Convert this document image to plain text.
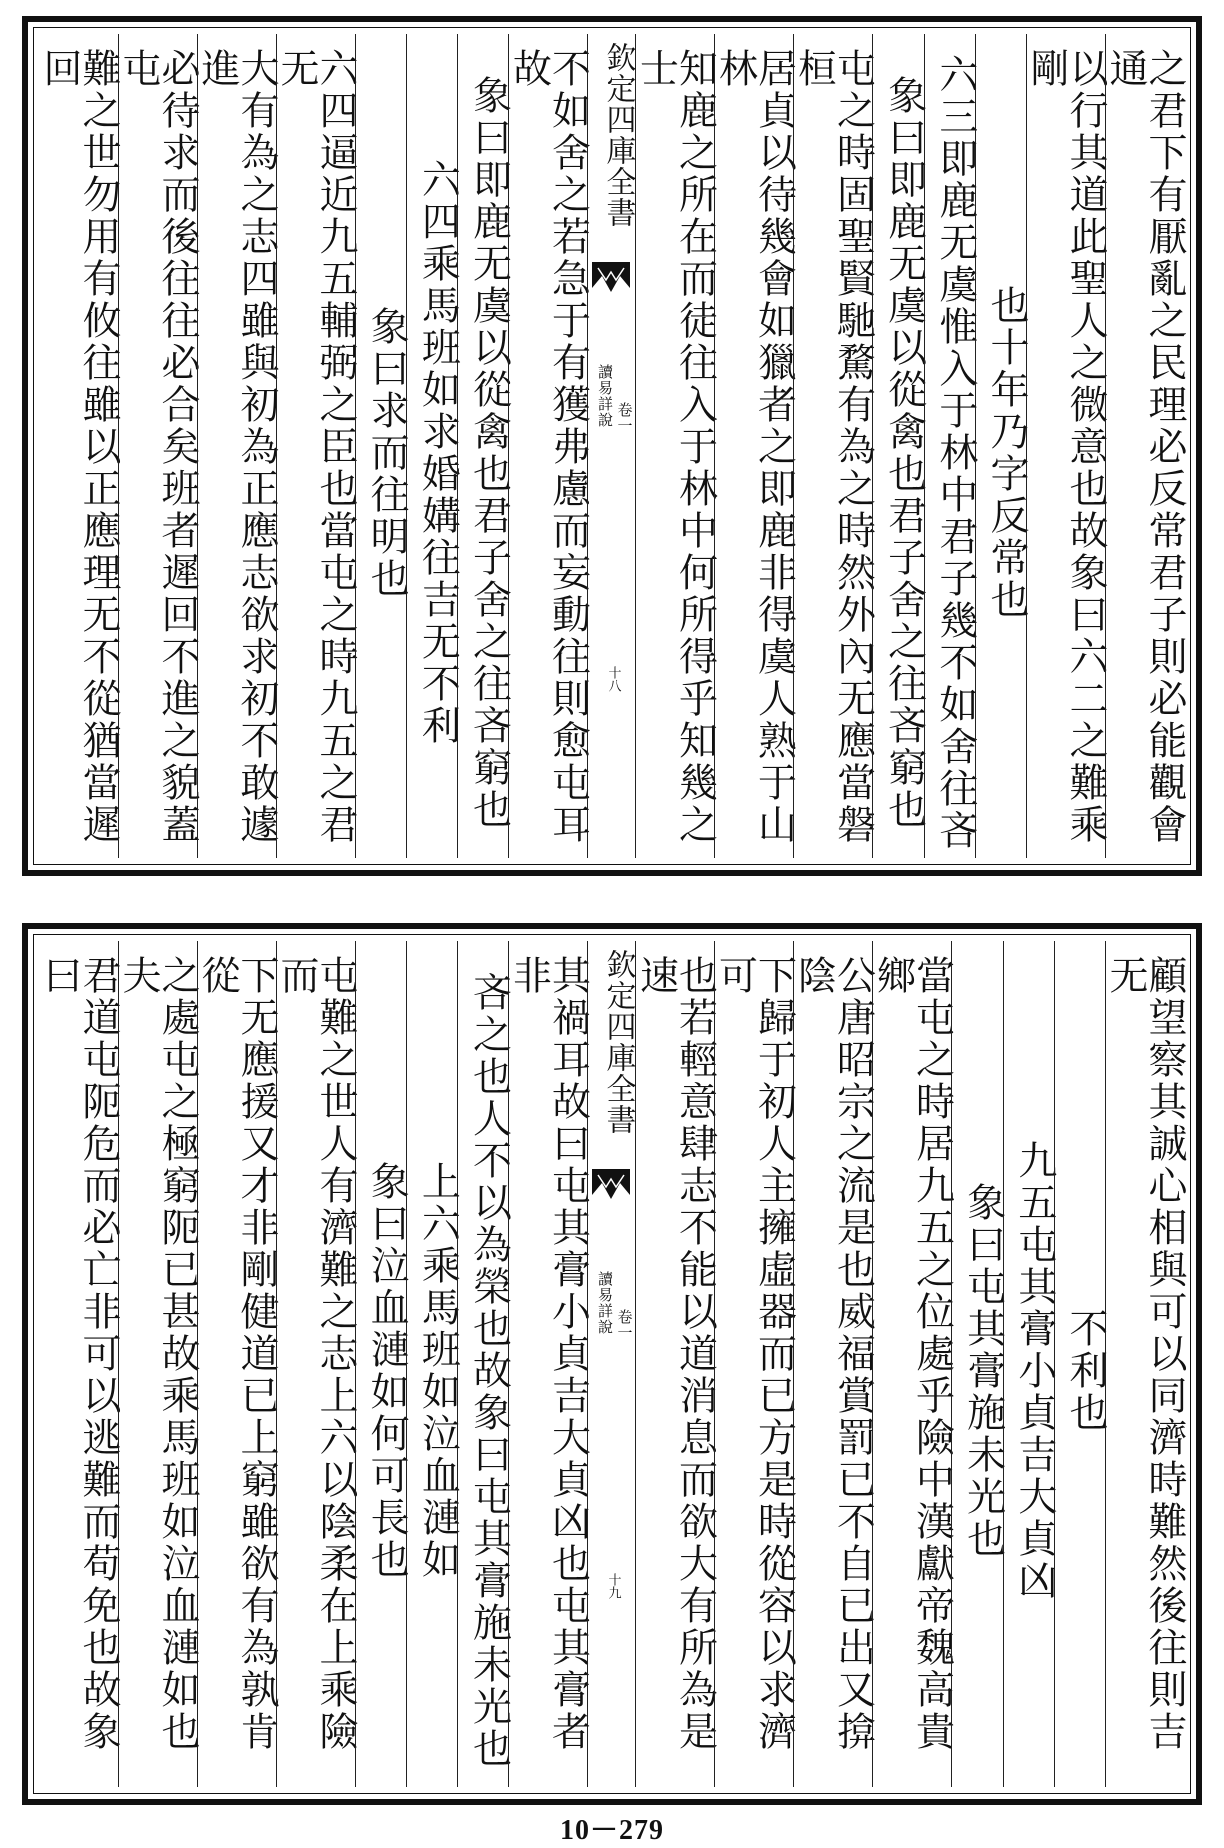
之君下有厭亂之民理必反常君子則必能觀會通
以行其道此聖人之微意也故象曰六二之難乘剛
也十年乃字反常也
六三即鹿无虞惟入于林中君子幾不如舍往吝
象曰即鹿无虞以從禽也君子舍之往吝窮也
屯之時固聖賢馳騖有為之時然外內无應當磐桓
居貞以待幾會如獵者之即鹿非得虞人熟于山林
知鹿之所在而徒往入于林中何所得乎知幾之士
欽定四庫全書
讀易詳說 卷一
十八
不如舍之若急于有獲弗慮而妄動往則愈屯耳故
象曰即鹿无虞以從禽也君子舍之往吝窮也
六四乘馬班如求婚媾往吉无不利
象曰求而往明也
六四逼近九五輔弼之臣也當屯之時九五之君无
大有為之志四雖與初為正應志欲求初不敢遽進
必待求而後往往必合矣班者遲回不進之貌蓋屯
難之世勿用有攸往雖以正應理无不從猶當遲回
顧望察其誠心相與可以同濟時難然後往則吉无
不利也
九五屯其膏小貞吉大貞凶
象曰屯其膏施未光也
當屯之時居九五之位處乎險中漢獻帝魏高貴鄉
公唐昭宗之流是也威福賞罰已不自已出又揜陰
下歸于初人主擁虛器而已方是時從容以求濟可
也若輕意肆志不能以道消息而欲大有所為是速
欽定四庫全書
讀易詳說 卷一
十九
其禍耳故曰屯其膏小貞吉大貞凶也屯其膏者非
吝之也人不以為榮也故象曰屯其膏施未光也
上六乘馬班如泣血漣如
象曰泣血漣如何可長也
屯難之世人有濟難之志上六以陰柔在上乘險而
下无應援又才非剛健道已上窮雖欲有為孰肯從
之處屯之極窮阨已甚故乘馬班如泣血漣如也夫
君道屯阨危而必亡非可以逃難而苟免也故象曰
10－279
